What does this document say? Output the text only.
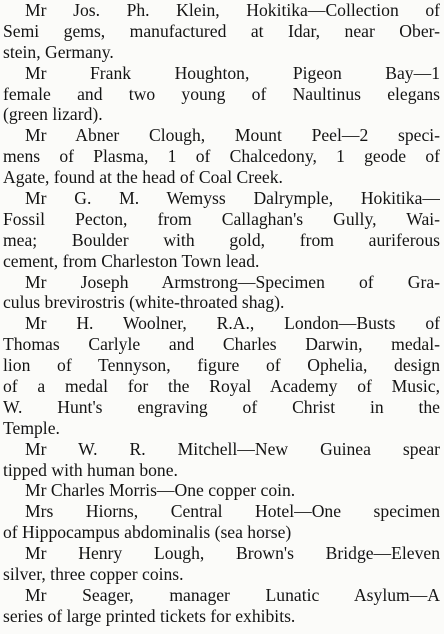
Mr Jos. Ph. Klein, Hokitika—Collection of
Semi gems, manufactured at Idar, near Ober-
stein, Germany.
Mr Frank Houghton, Pigeon Bay—1
female and two young of Naultinus elegans
(green lizard).
Mr Abner Clough, Mount Peel—2 speci-
mens of Plasma, 1 of Chalcedony, 1 geode of
Agate, found at the head of Coal Creek.
Mr G. M. Wemyss Dalrymple, Hokitika—
Fossil Pecton, from Callaghan's Gully, Wai-
mea; Boulder with gold, from auriferous
cement, from Charleston Town lead.
Mr Joseph Armstrong—Specimen of Gra-
culus brevirostris (white-throated shag).
Mr H. Woolner, R.A., London—Busts of
Thomas Carlyle and Charles Darwin, medal-
lion of Tennyson, figure of Ophelia, design
of a medal for the Royal Academy of Music,
W. Hunt's engraving of Christ in the
Temple.
Mr W. R. Mitchell—New Guinea spear
tipped with human bone.
Mr Charles Morris—One copper coin.
Mrs Hiorns, Central Hotel—One specimen
of Hippocampus abdominalis (sea horse)
Mr Henry Lough, Brown's Bridge—Eleven
silver, three copper coins.
Mr Seager, manager Lunatic Asylum—A
series of large printed tickets for exhibits.
